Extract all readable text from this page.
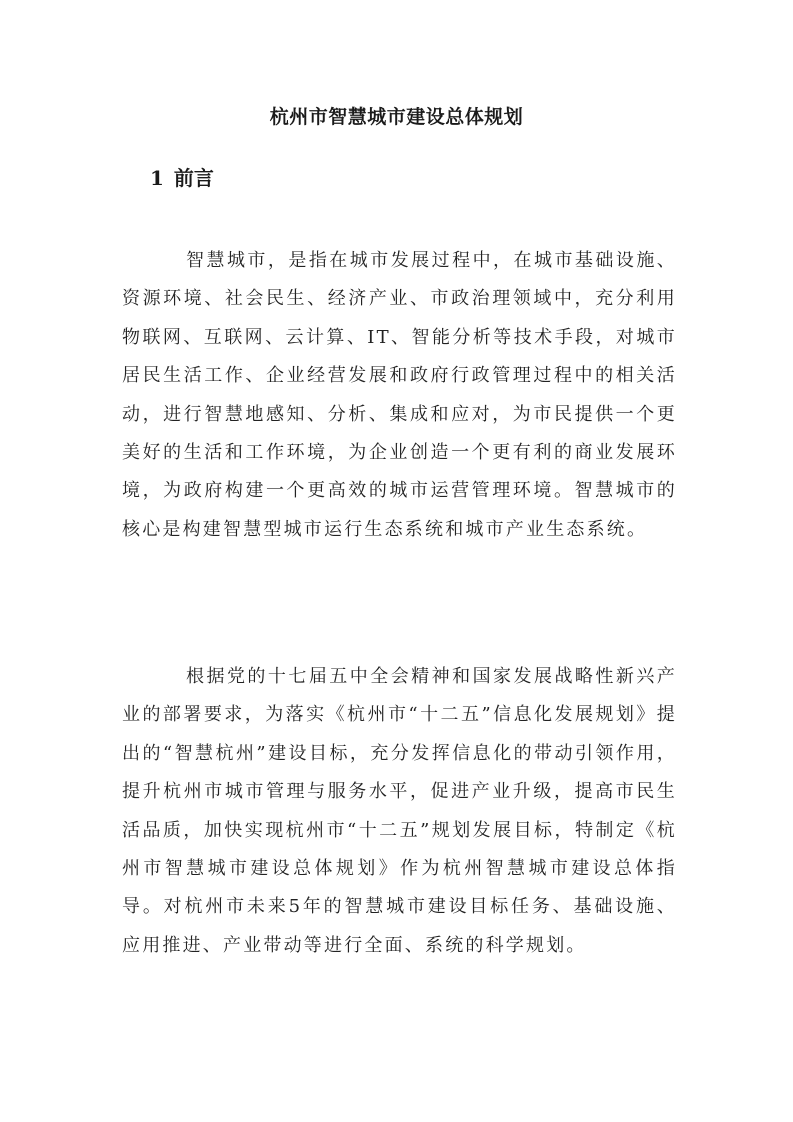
杭州市智慧城市建设总体规划
1 前言

智慧城市，是指在城市发展过程中，在城市基础设施、资源环境、社会民生、经济产业、市政治理领域中，充分利用物联网、互联网、云计算、IT、智能分析等技术手段，对城市居民生活工作、企业经营发展和政府行政管理过程中的相关活动，进行智慧地感知、分析、集成和应对，为市民提供一个更美好的生活和工作环境，为企业创造一个更有利的商业发展环境，为政府构建一个更高效的城市运营管理环境。智慧城市的核心是构建智慧型城市运行生态系统和城市产业生态系统。

根据党的十七届五中全会精神和国家发展战略性新兴产业的部署要求，为落实《杭州市“十二五”信息化发展规划》提出的“智慧杭州”建设目标，充分发挥信息化的带动引领作用，提升杭州市城市管理与服务水平，促进产业升级，提高市民生活品质，加快实现杭州市“十二五”规划发展目标，特制定《杭州市智慧城市建设总体规划》作为杭州智慧城市建设总体指导。对杭州市未来5年的智慧城市建设目标任务、基础设施、应用推进、产业带动等进行全面、系统的科学规划。
